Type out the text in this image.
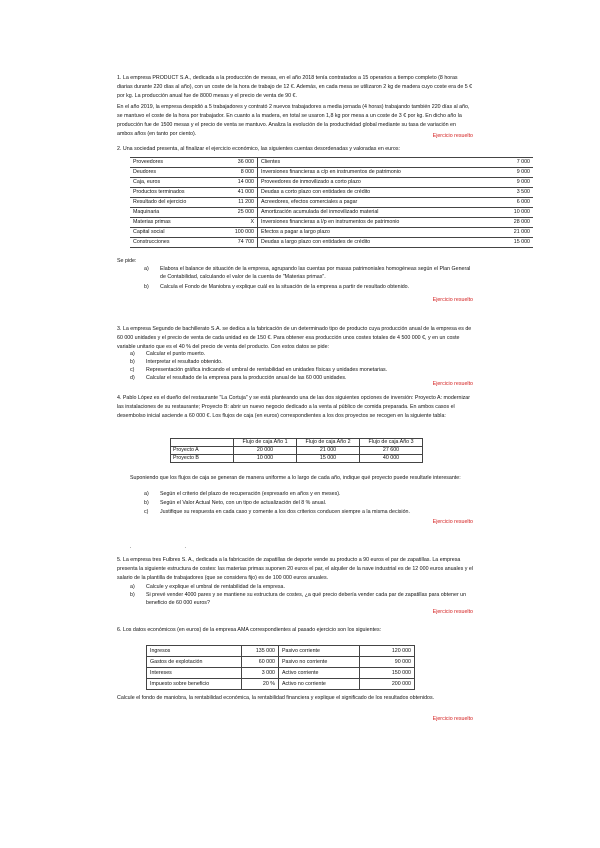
1. La empresa PRODUCT S.A., dedicada a la producción de mesas, en el año 2018 tenía contratados a 15 operarios a tiempo completo (8 horas diarias durante 220 días al año), con un coste de la hora de trabajo de 12 €. Además, en cada mesa se utilizaron 2 kg de madera cuyo coste era de 5 € por kg. La producción anual fue de 8000 mesas y el precio de venta de 90 €.
En el año 2019, la empresa despidió a 5 trabajadores y contrató 2 nuevos trabajadores a media jornada (4 horas) trabajando también 220 días al año, se mantuvo el coste de la hora por trabajador. En cuanto a la madera, en total se usaron 1,8 kg por mesa a un coste de 3 € por kg. En dicho año la producción fue de 1500 mesas y el precio de venta se mantuvo. Analiza la evolución de la productividad global mediante su tasa de variación en ambos años (en tanto por ciento).	Ejercicio resuelto
2. Una sociedad presenta, al finalizar el ejercicio económico, las siguientes cuentas desordenadas y valoradas en euros:
Proveedores	36 000	Clientes	7 000
Deudores	8 000	Inversiones financieras a c/p en instrumentos de patrimonio	9 000
Caja, euros	14 000	Proveedores de inmovilizado a corto plazo	9 000
Productos terminados	41 000	Deudas a corto plazo con entidades de crédito	3 500
Resultado del ejercicio	11 200	Acreedores, efectos comerciales a pagar	6 000
Maquinaria	25 000	Amortización acumulada del inmovilizado material	10 000
Materias primas	X	Inversiones financieras a l/p en instrumentos de patrimonio	28 000
Capital social	100 000	Efectos a pagar a largo plazo	21 000
Construcciones	74 700	Deudas a largo plazo con entidades de crédito	15 000
Se pide:
a) Elabora el balance de situación de la empresa, agrupando las cuentas por masas patrimoniales homogéneas según el Plan General de Contabilidad, calculando el valor de la cuenta de "Materias primas".
b) Calcula el Fondo de Maniobra y explique cuál es la situación de la empresa a partir de resultado obtenido.
Ejercicio resuelto
3. La empresa Segundo de bachillerato S.A. se dedica a la fabricación de un determinado tipo de producto cuya producción anual de la empresa es de 60 000 unidades y el precio de venta de cada unidad es de 150 €. Para obtener esa producción unos costes totales de 4 500 000 €, y en un coste variable unitario que es el 40 % del precio de venta del producto. Con estos datos se pide:
a) Calcular el punto muerto.
b) Interpretar el resultado obtenido.
c) Representación gráfica indicando el umbral de rentabilidad en unidades físicas y unidades monetarias.
d) Calcular el resultado de la empresa para la producción anual de las 60 000 unidades.
Ejercicio resuelto
4. Pablo López es el dueño del restaurante "La Cortuja" y se está planteando una de las dos siguientes opciones de inversión: Proyecto A: modernizar las instalaciones de su restaurante; Proyecto B: abrir un nuevo negocio dedicado a la venta al público de comida preparada. En ambos casos el desembolso inicial asciende a 60 000 €. Los flujos de caja (en euros) correspondientes a los dos proyectos se recogen en la siguiente tabla:
	Flujo de caja Año 1	Flujo de caja Año 2	Flujo de caja Año 3
Proyecto A	20 000	21 000	27 600
Proyecto B	10 000	15 000	40 000
Suponiendo que los flujos de caja se generan de manera uniforme a lo largo de cada año, indique qué proyecto puede resultarle interesante:
a) Según el criterio del plazo de recuperación (expresarlo en años y en meses).
b) Según el Valor Actual Neto, con un tipo de actualización del 8 % anual.
c) Justifique su respuesta en cada caso y comente a los dos criterios conducen siempre a la misma decisión.
Ejercicio resuelto
.                                    .
5. La empresa tres Fulbres S. A., dedicada a la fabricación de zapatillas de deporte vende su producto a 90 euros el par de zapatillas. La empresa presenta la siguiente estructura de costes: las materias primas suponen 20 euros el par, el alquiler de la nave industrial es de 12 000 euros anuales y el salario de la plantilla de trabajadores (que se considera fijo) es de 100 000 euros anuales.
a) Calcule y explique el umbral de rentabilidad de la empresa.
b) Si prevé vender 4000 pares y se mantiene su estructura de costes, ¿a qué precio debería vender cada par de zapatillas para obtener un beneficio de 60 000 euros?
Ejercicio resuelto
6. Los datos económicos (en euros) de la empresa AMA correspondientes al pasado ejercicio son los siguientes:
Ingresos	135 000	Pasivo corriente	120 000
Gastos de explotación	60 000	Pasivo no corriente	90 000
Intereses	3 000	Activo corriente	150 000
Impuesto sobre beneficio	20 %	Activo no corriente	200 000
Calcule el fondo de maniobra, la rentabilidad económica, la rentabilidad financiera y explique el significado de los resultados obtenidos.
Ejercicio resuelto
